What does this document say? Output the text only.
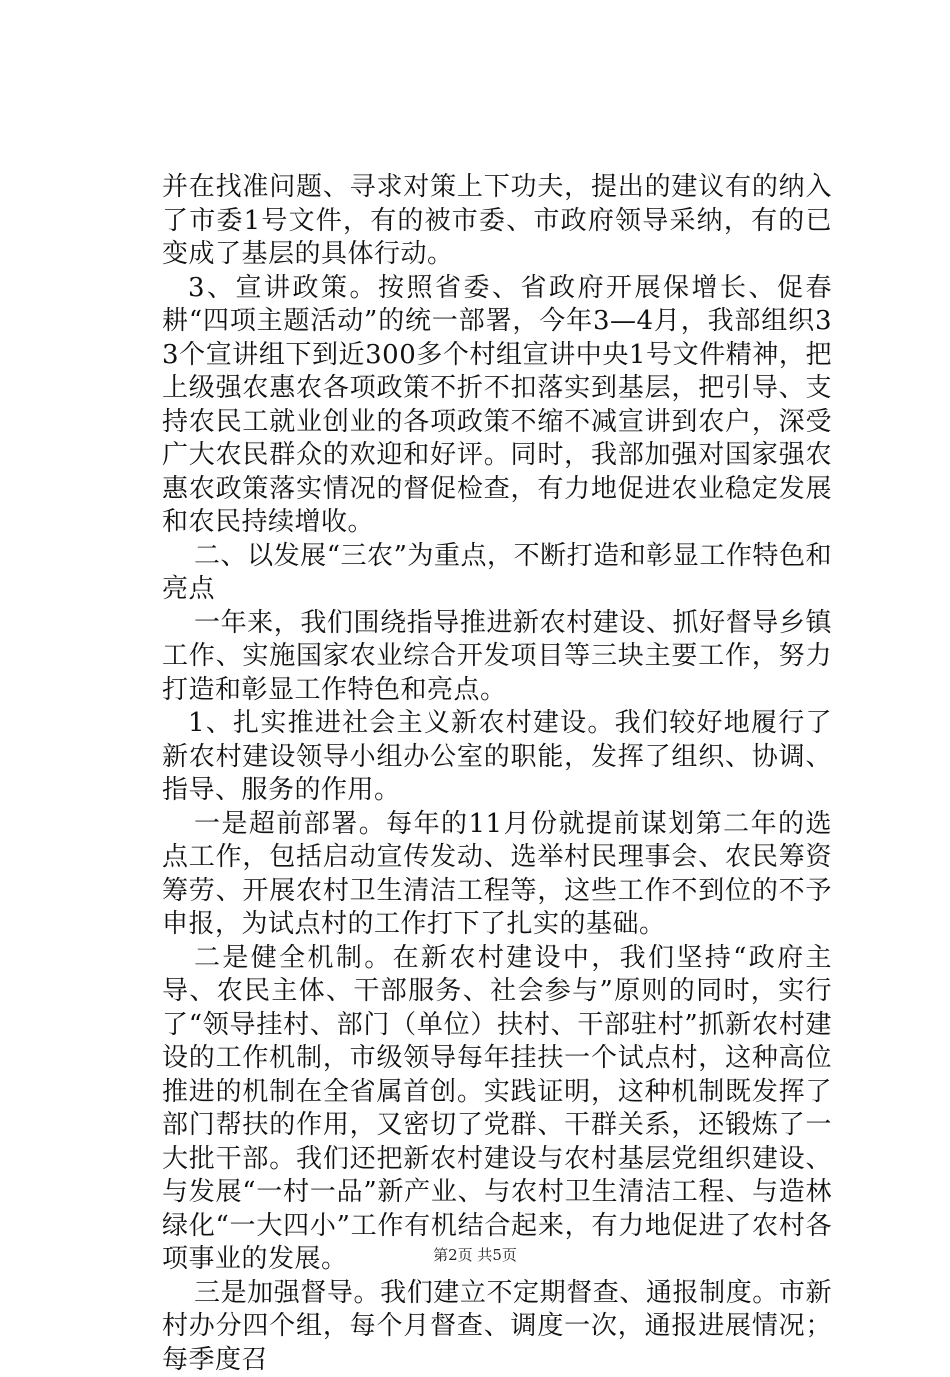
并在找准问题、寻求对策上下功夫，提出的建议有的纳入了市委1号文件，有的被市委、市政府领导采纳，有的已变成了基层的具体行动。

3、宣讲政策。按照省委、省政府开展保增长、促春耕“四项主题活动”的统一部署，今年3—4月，我部组织33个宣讲组下到近300多个村组宣讲中央1号文件精神，把上级强农惠农各项政策不折不扣落实到基层，把引导、支持农民工就业创业的各项政策不缩不减宣讲到农户，深受广大农民群众的欢迎和好评。同时，我部加强对国家强农惠农政策落实情况的督促检查，有力地促进农业稳定发展和农民持续增收。

二、以发展“三农”为重点，不断打造和彰显工作特色和亮点

一年来，我们围绕指导推进新农村建设、抓好督导乡镇工作、实施国家农业综合开发项目等三块主要工作，努力打造和彰显工作特色和亮点。

1、扎实推进社会主义新农村建设。我们较好地履行了新农村建设领导小组办公室的职能，发挥了组织、协调、指导、服务的作用。

一是超前部署。每年的11月份就提前谋划第二年的选点工作，包括启动宣传发动、选举村民理事会、农民筹资筹劳、开展农村卫生清洁工程等，这些工作不到位的不予申报，为试点村的工作打下了扎实的基础。

二是健全机制。在新农村建设中，我们坚持“政府主导、农民主体、干部服务、社会参与”原则的同时，实行了“领导挂村、部门（单位）扶村、干部驻村”抓新农村建设的工作机制，市级领导每年挂扶一个试点村，这种高位推进的机制在全省属首创。实践证明，这种机制既发挥了部门帮扶的作用，又密切了党群、干群关系，还锻炼了一大批干部。我们还把新农村建设与农村基层党组织建设、与发展“一村一品”新产业、与农村卫生清洁工程、与造林绿化“一大四小”工作有机结合起来，有力地促进了农村各项事业的发展。

三是加强督导。我们建立不定期督查、通报制度。市新村办分四个组，每个月督查、调度一次，通报进展情况；每季度召

第2页 共5页
